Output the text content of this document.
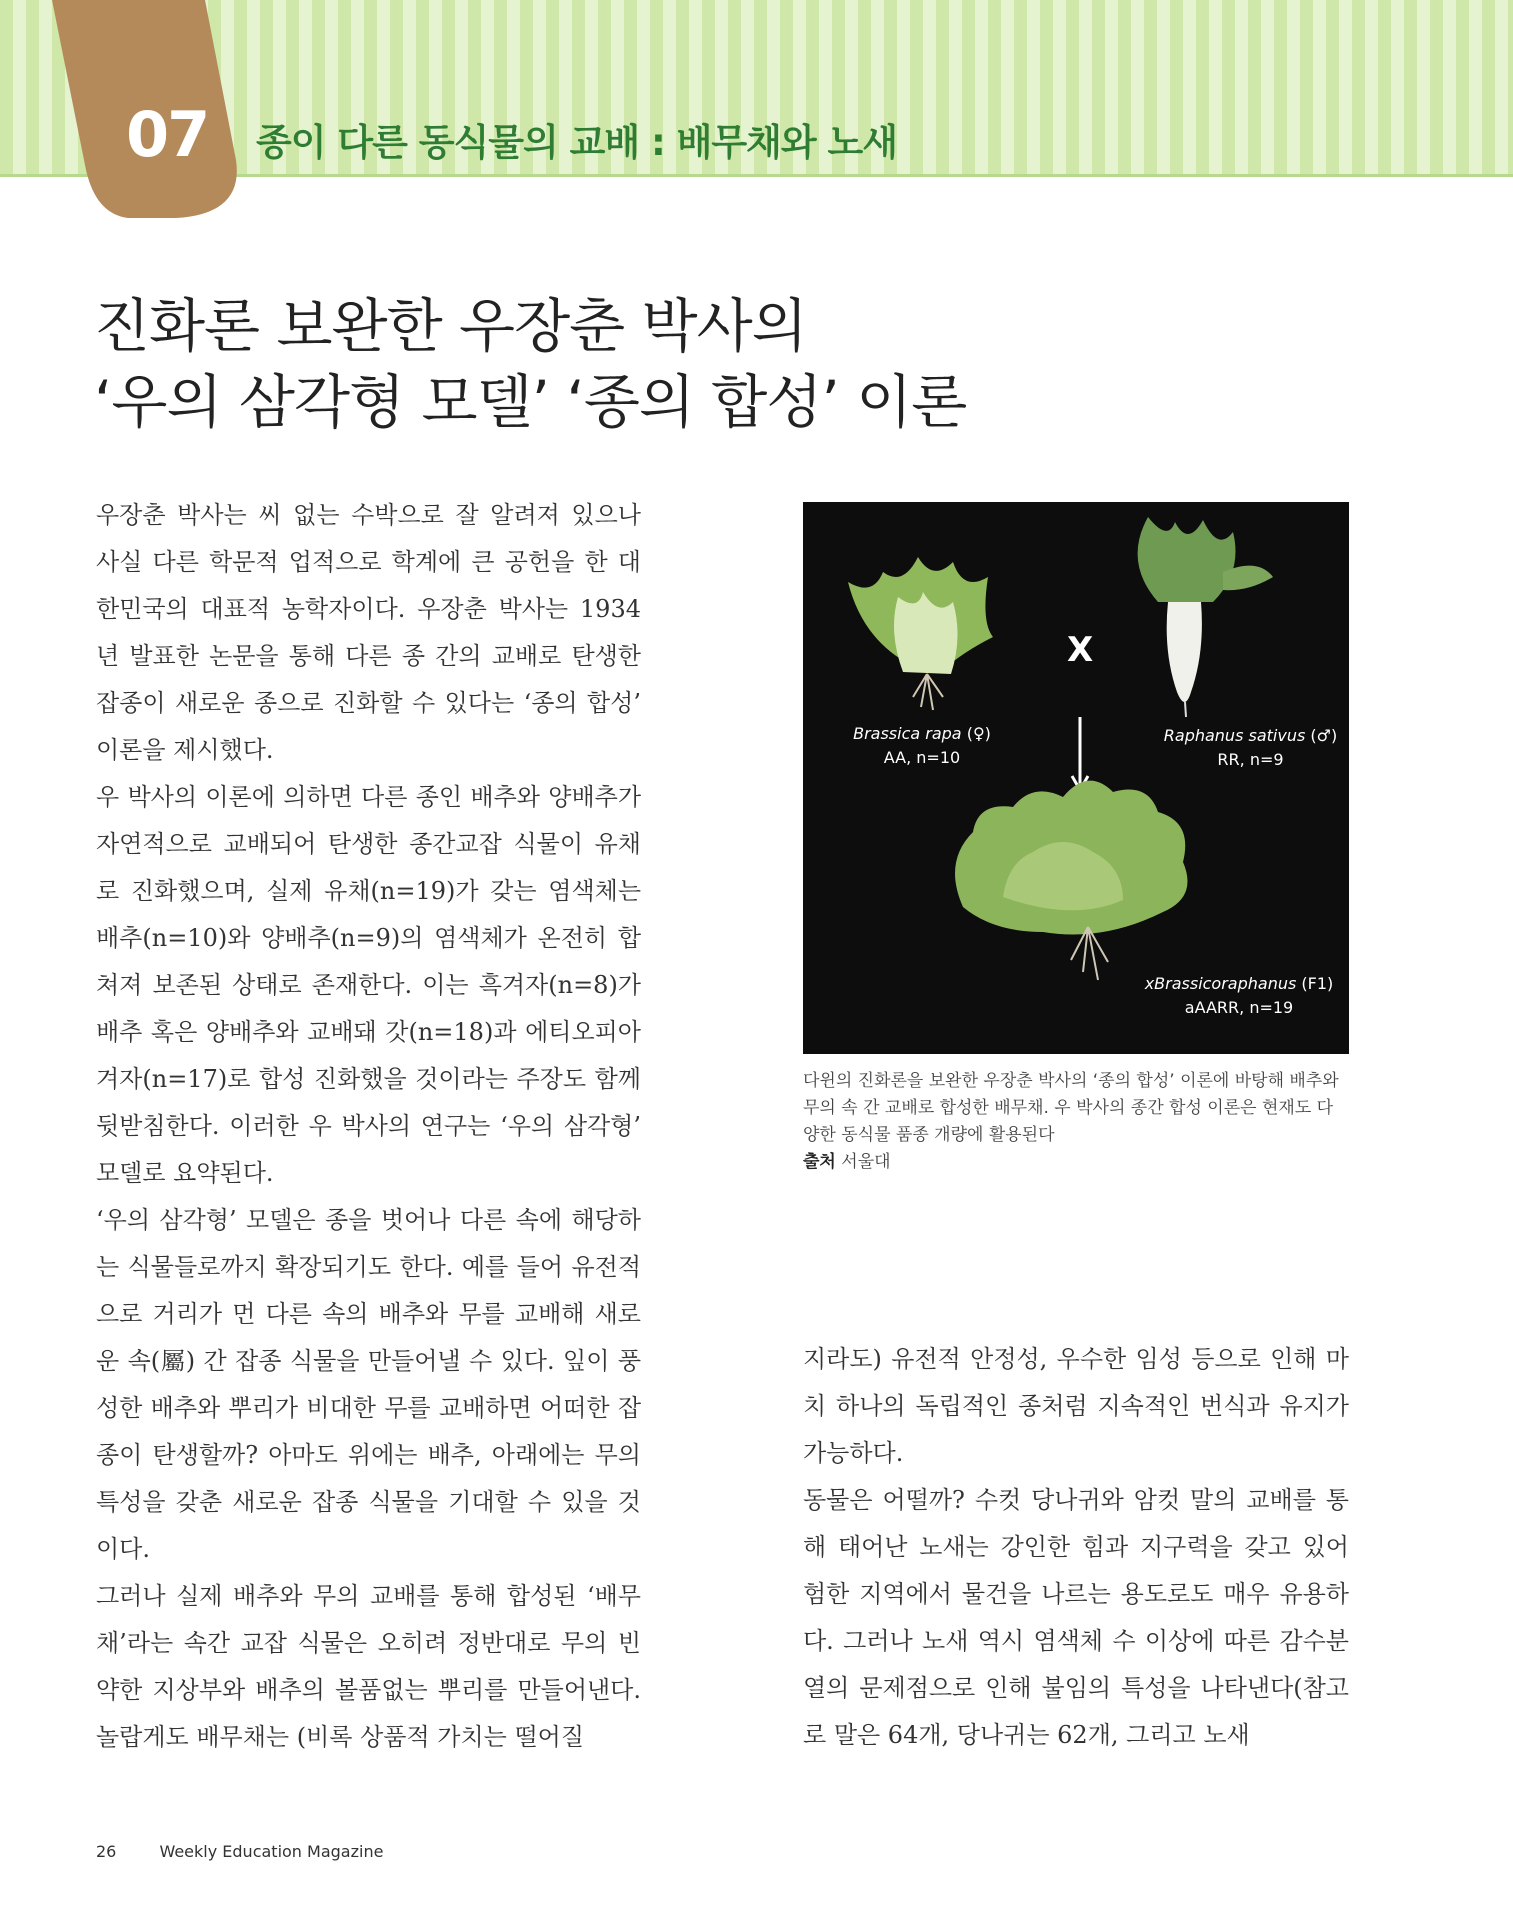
07 종이 다른 동식물의 교배 : 배무채와 노새
진화론 보완한 우장춘 박사의
‘우의 삼각형 모델’ ‘종의 합성’ 이론

우장춘 박사는 씨 없는 수박으로 잘 알려져 있으나 사실 다른 학문적 업적으로 학계에 큰 공헌을 한 대한민국의 대표적 농학자이다. 우장춘 박사는 1934년 발표한 논문을 통해 다른 종 간의 교배로 탄생한 잡종이 새로운 종으로 진화할 수 있다는 ‘종의 합성’ 이론을 제시했다.

우 박사의 이론에 의하면 다른 종인 배추와 양배추가 자연적으로 교배되어 탄생한 종간교잡 식물이 유채로 진화했으며, 실제 유채(n=19)가 갖는 염색체는 배추(n=10)와 양배추(n=9)의 염색체가 온전히 합쳐져 보존된 상태로 존재한다. 이는 흑겨자(n=8)가 배추 혹은 양배추와 교배돼 갓(n=18)과 에티오피아겨자(n=17)로 합성 진화했을 것이라는 주장도 함께 뒷받침한다. 이러한 우 박사의 연구는 ‘우의 삼각형’ 모델로 요약된다.

‘우의 삼각형’ 모델은 종을 벗어나 다른 속에 해당하는 식물들로까지 확장되기도 한다. 예를 들어 유전적으로 거리가 먼 다른 속의 배추와 무를 교배해 새로운 속(屬) 간 잡종 식물을 만들어낼 수 있다. 잎이 풍성한 배추와 뿌리가 비대한 무를 교배하면 어떠한 잡종이 탄생할까? 아마도 위에는 배추, 아래에는 무의 특성을 갖춘 새로운 잡종 식물을 기대할 수 있을 것이다.

그러나 실제 배추와 무의 교배를 통해 합성된 ‘배무채’라는 속간 교잡 식물은 오히려 정반대로 무의 빈약한 지상부와 배추의 볼품없는 뿌리를 만들어낸다. 놀랍게도 배무채는 (비록 상품적 가치는 떨어질

X
Brassica rapa (♀)
AA, n=10
Raphanus sativus (♂)
RR, n=9
xBrassicoraphanus (F1)
aAARR, n=19
다윈의 진화론을 보완한 우장춘 박사의 ‘종의 합성’ 이론에 바탕해 배추와 무의 속 간 교배로 합성한 배무채. 우 박사의 종간 합성 이론은 현재도 다양한 동식물 품종 개량에 활용된다
출처 서울대

지라도) 유전적 안정성, 우수한 임성 등으로 인해 마치 하나의 독립적인 종처럼 지속적인 번식과 유지가 가능하다.

동물은 어떨까? 수컷 당나귀와 암컷 말의 교배를 통해 태어난 노새는 강인한 힘과 지구력을 갖고 있어 험한 지역에서 물건을 나르는 용도로도 매우 유용하다. 그러나 노새 역시 염색체 수 이상에 따른 감수분열의 문제점으로 인해 불임의 특성을 나타낸다(참고로 말은 64개, 당나귀는 62개, 그리고 노새

26	Weekly Education Magazine
